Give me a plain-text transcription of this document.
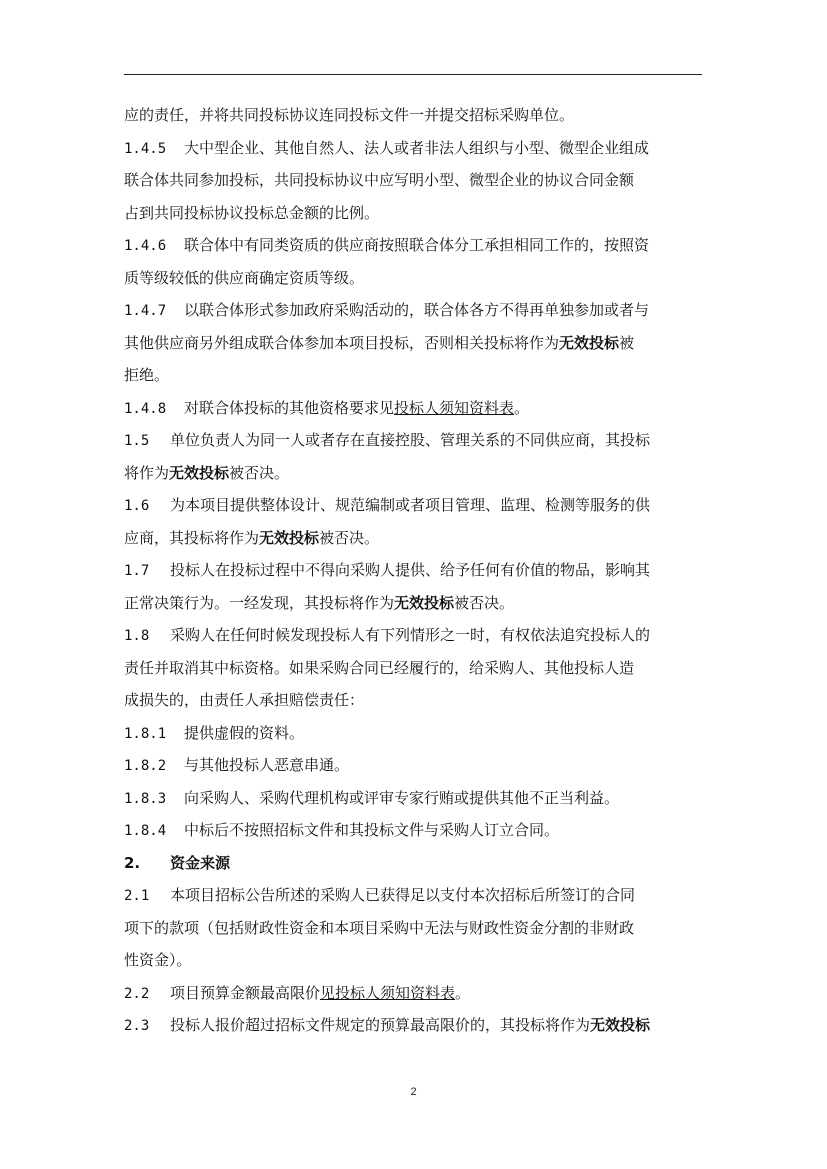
应的责任，并将共同投标协议连同投标文件一并提交招标采购单位。
1.4.5 大中型企业、其他自然人、法人或者非法人组织与小型、微型企业组成
联合体共同参加投标，共同投标协议中应写明小型、微型企业的协议合同金额
占到共同投标协议投标总金额的比例。
1.4.6 联合体中有同类资质的供应商按照联合体分工承担相同工作的，按照资
质等级较低的供应商确定资质等级。
1.4.7 以联合体形式参加政府采购活动的，联合体各方不得再单独参加或者与
其他供应商另外组成联合体参加本项目投标，否则相关投标将作为无效投标被
拒绝。
1.4.8 对联合体投标的其他资格要求见投标人须知资料表。
1.5 单位负责人为同一人或者存在直接控股、管理关系的不同供应商，其投标
将作为无效投标被否决。
1.6 为本项目提供整体设计、规范编制或者项目管理、监理、检测等服务的供
应商，其投标将作为无效投标被否决。
1.7 投标人在投标过程中不得向采购人提供、给予任何有价值的物品，影响其
正常决策行为。一经发现，其投标将作为无效投标被否决。
1.8 采购人在任何时候发现投标人有下列情形之一时，有权依法追究投标人的
责任并取消其中标资格。如果采购合同已经履行的，给采购人、其他投标人造
成损失的，由责任人承担赔偿责任：
1.8.1 提供虚假的资料。
1.8.2 与其他投标人恶意串通。
1.8.3 向采购人、采购代理机构或评审专家行贿或提供其他不正当利益。
1.8.4 中标后不按照招标文件和其投标文件与采购人订立合同。
2. 资金来源
2.1 本项目招标公告所述的采购人已获得足以支付本次招标后所签订的合同
项下的款项（包括财政性资金和本项目采购中无法与财政性资金分割的非财政
性资金）。
2.2 项目预算金额最高限价见投标人须知资料表。
2.3 投标人报价超过招标文件规定的预算最高限价的，其投标将作为无效投标
2
